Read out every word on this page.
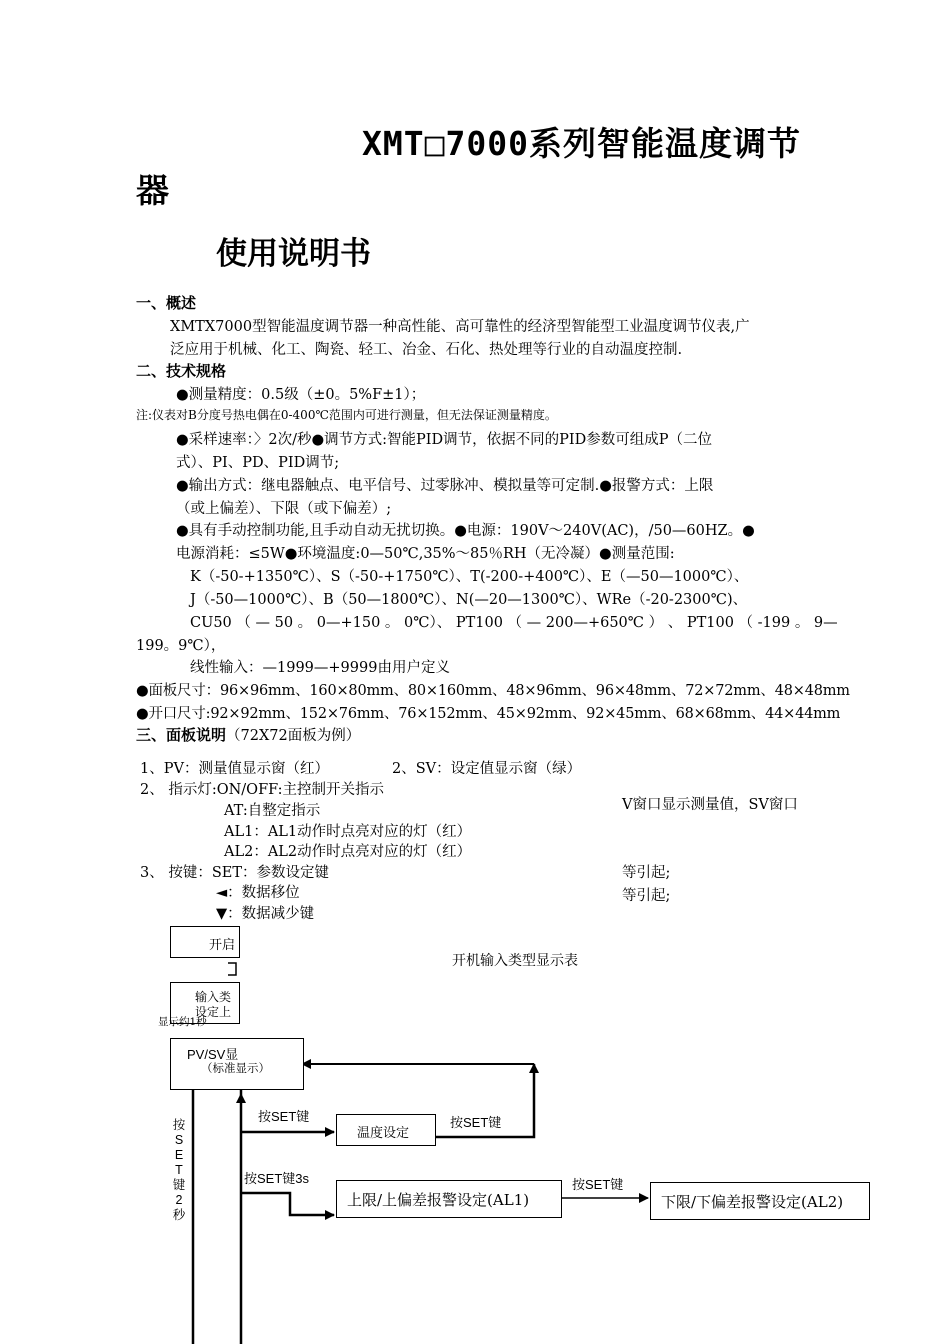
XMT□7000系列智能温度调节
器
使用说明书
一、概述
XMTX7000型智能温度调节器一种高性能、高可靠性的经济型智能型工业温度调节仪表,广
泛应用于机械、化工、陶瓷、轻工、冶金、石化、热处理等行业的自动温度控制.
二、技术规格
●测量精度：0.5级（±0。5%F±1）；
注:仪表对B分度号热电偶在0-400℃范围内可进行测量，但无法保证测量精度。
●采样速率：〉2次/秒●调节方式:智能PID调节，依据不同的PID参数可组成P（二位
式）、PI、PD、PID调节;
●输出方式：继电器触点、电平信号、过零脉冲、模拟量等可定制.●报警方式：上限
（或上偏差）、下限（或下偏差）;
●具有手动控制功能,且手动自动无扰切换。●电源：190V～240V(AC)，/50—60HZ。●
电源消耗：≤5W●环境温度:0—50℃,35%～85％RH（无冷凝）●测量范围:
K（-50-+1350℃）、S（-50-+1750℃）、T(-200-+400℃）、E（—50—1000℃）、
J（-50—1000℃）、B（50—1800℃）、N(—20—1300℃）、WRe（-20-2300℃)、
CU50 （ — 50 。 0—+150 。 0℃）、 PT100 （ — 200—+650℃ ） 、 PT100 （ -199 。 9—
199。9℃），
线性输入：—1999—+9999由用户定义
●面板尺寸：96×96mm、160×80mm、80×160mm、48×96mm、96×48mm、72×72mm、48×48mm
●开口尺寸:92×92mm、152×76mm、76×152mm、45×92mm、92×45mm、68×68mm、44×44mm
三、面板说明（72X72面板为例）
1、PV：测量值显示窗（红）	2、SV：设定值显示窗（绿）
2、 指示灯:ON/OFF:主控制开关指示
AT:自整定指示
AL1：AL1动作时点亮对应的灯（红）
AL2：AL2动作时点亮对应的灯（红）
3、 按键：SET：参数设定键
◄：数据移位
▼：数据减少键
V窗口显示测量值，SV窗口
等引起;
等引起;
开机输入类型显示表
开启
输入类
设定上
显示约1秒
PV/SV显
（标准显示）
按SET键
温度设定
按SET键
按SET键3s
上限/上偏差报警设定(AL1)
按SET键
下限/下偏差报警设定(AL2)
按
S
E
T
键
2
秒
